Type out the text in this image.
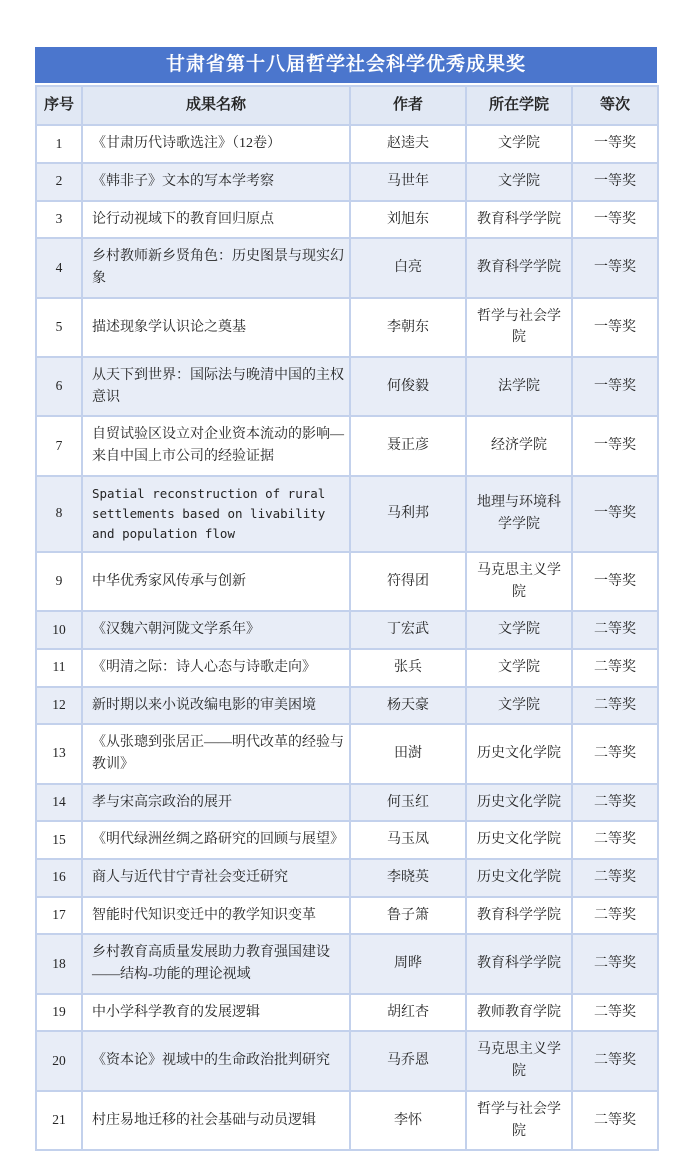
甘肃省第十八届哲学社会科学优秀成果奖
序号	成果名称	作者	所在学院	等次
1	《甘肃历代诗歌选注》（12卷）	赵逵夫	文学院	一等奖
2	《韩非子》文本的写本学考察	马世年	文学院	一等奖
3	论行动视域下的教育回归原点	刘旭东	教育科学学院	一等奖
4	乡村教师新乡贤角色：历史图景与现实幻象	白亮	教育科学学院	一等奖
5	描述现象学认识论之奠基	李朝东	哲学与社会学院	一等奖
6	从天下到世界：国际法与晚清中国的主权意识	何俊毅	法学院	一等奖
7	自贸试验区设立对企业资本流动的影响—来自中国上市公司的经验证据	聂正彦	经济学院	一等奖
8	Spatial reconstruction of rural settlements based on livability and population flow	马利邦	地理与环境科学学院	一等奖
9	中华优秀家风传承与创新	符得团	马克思主义学院	一等奖
10	《汉魏六朝河陇文学系年》	丁宏武	文学院	二等奖
11	《明清之际：诗人心态与诗歌走向》	张兵	文学院	二等奖
12	新时期以来小说改编电影的审美困境	杨天豪	文学院	二等奖
13	《从张璁到张居正——明代改革的经验与教训》	田澍	历史文化学院	二等奖
14	孝与宋高宗政治的展开	何玉红	历史文化学院	二等奖
15	《明代绿洲丝绸之路研究的回顾与展望》	马玉凤	历史文化学院	二等奖
16	商人与近代甘宁青社会变迁研究	李晓英	历史文化学院	二等奖
17	智能时代知识变迁中的教学知识变革	鲁子箫	教育科学学院	二等奖
18	乡村教育高质量发展助力教育强国建设 ——结构-功能的理论视域	周晔	教育科学学院	二等奖
19	中小学科学教育的发展逻辑	胡红杏	教师教育学院	二等奖
20	《资本论》视域中的生命政治批判研究	马乔恩	马克思主义学院	二等奖
21	村庄易地迁移的社会基础与动员逻辑	李怀	哲学与社会学院	二等奖
